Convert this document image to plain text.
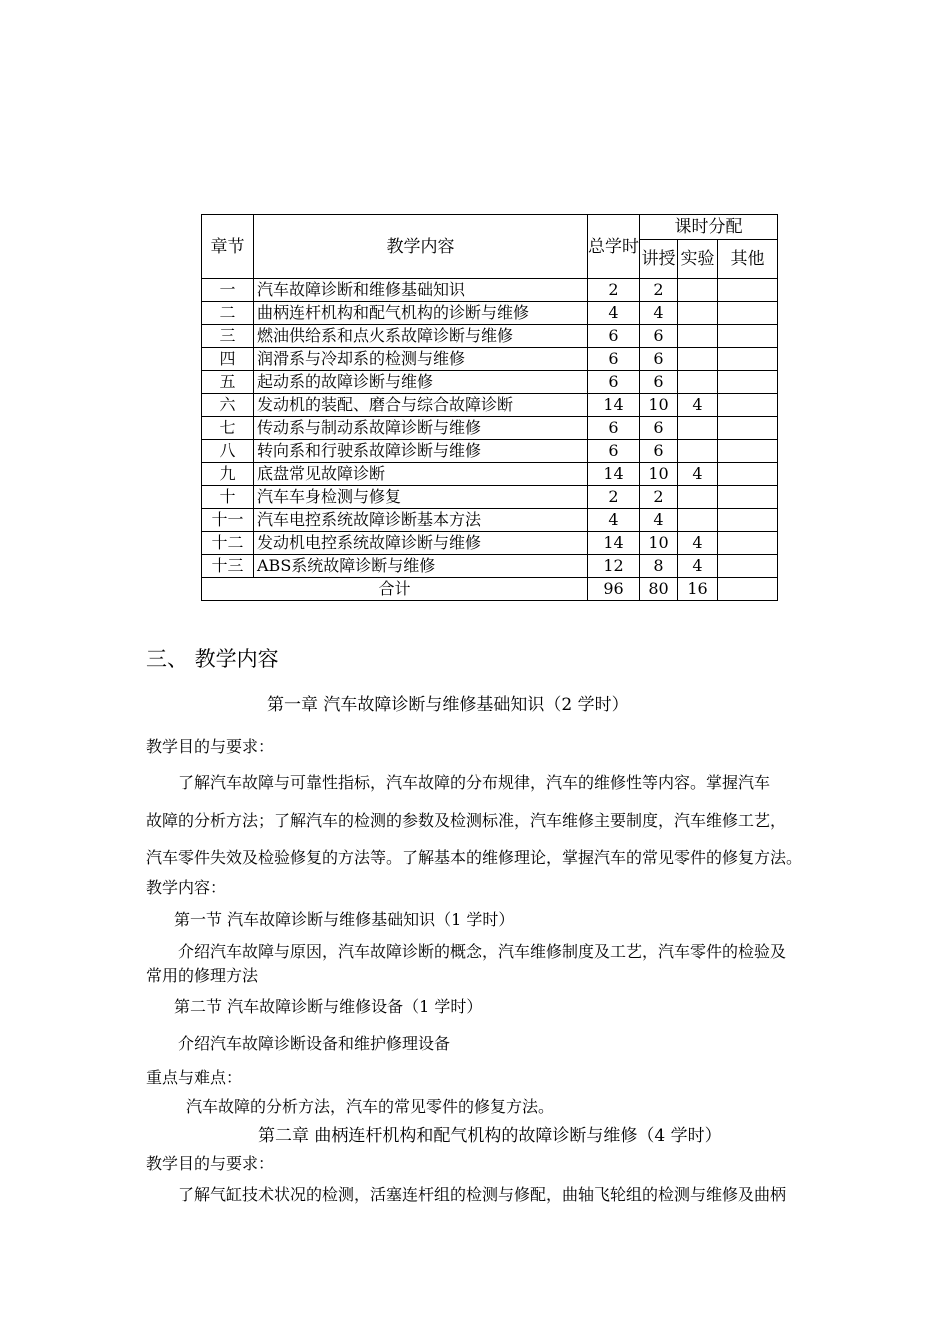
章节	教学内容	总学时	课时分配		
			讲授	实验	其他
一	汽车故障诊断和维修基础知识	2	2		
二	曲柄连杆机构和配气机构的诊断与维修	4	4		
三	燃油供给系和点火系故障诊断与维修	6	6		
四	润滑系与冷却系的检测与维修	6	6		
五	起动系的故障诊断与维修	6	6		
六	发动机的装配、磨合与综合故障诊断	14	10	4	
七	传动系与制动系故障诊断与维修	6	6		
八	转向系和行驶系故障诊断与维修	6	6		
九	底盘常见故障诊断	14	10	4	
十	汽车车身检测与修复	2	2		
十一	汽车电控系统故障诊断基本方法	4	4		
十二	发动机电控系统故障诊断与维修	14	10	4	
十三	ABS系统故障诊断与维修	12	8	4	
合计		96	80	16	
三、 教学内容
第一章 汽车故障诊断与维修基础知识（2 学时）
教学目的与要求：
了解汽车故障与可靠性指标，汽车故障的分布规律，汽车的维修性等内容。掌握汽车
故障的分析方法；了解汽车的检测的参数及检测标准，汽车维修主要制度，汽车维修工艺，
汽车零件失效及检验修复的方法等。了解基本的维修理论，掌握汽车的常见零件的修复方法。
教学内容：
第一节 汽车故障诊断与维修基础知识（1 学时）
介绍汽车故障与原因，汽车故障诊断的概念，汽车维修制度及工艺，汽车零件的检验及
常用的修理方法
第二节 汽车故障诊断与维修设备（1 学时）
介绍汽车故障诊断设备和维护修理设备
重点与难点：
汽车故障的分析方法，汽车的常见零件的修复方法。
第二章 曲柄连杆机构和配气机构的故障诊断与维修（4 学时）
教学目的与要求：
了解气缸技术状况的检测，活塞连杆组的检测与修配，曲轴飞轮组的检测与维修及曲柄
